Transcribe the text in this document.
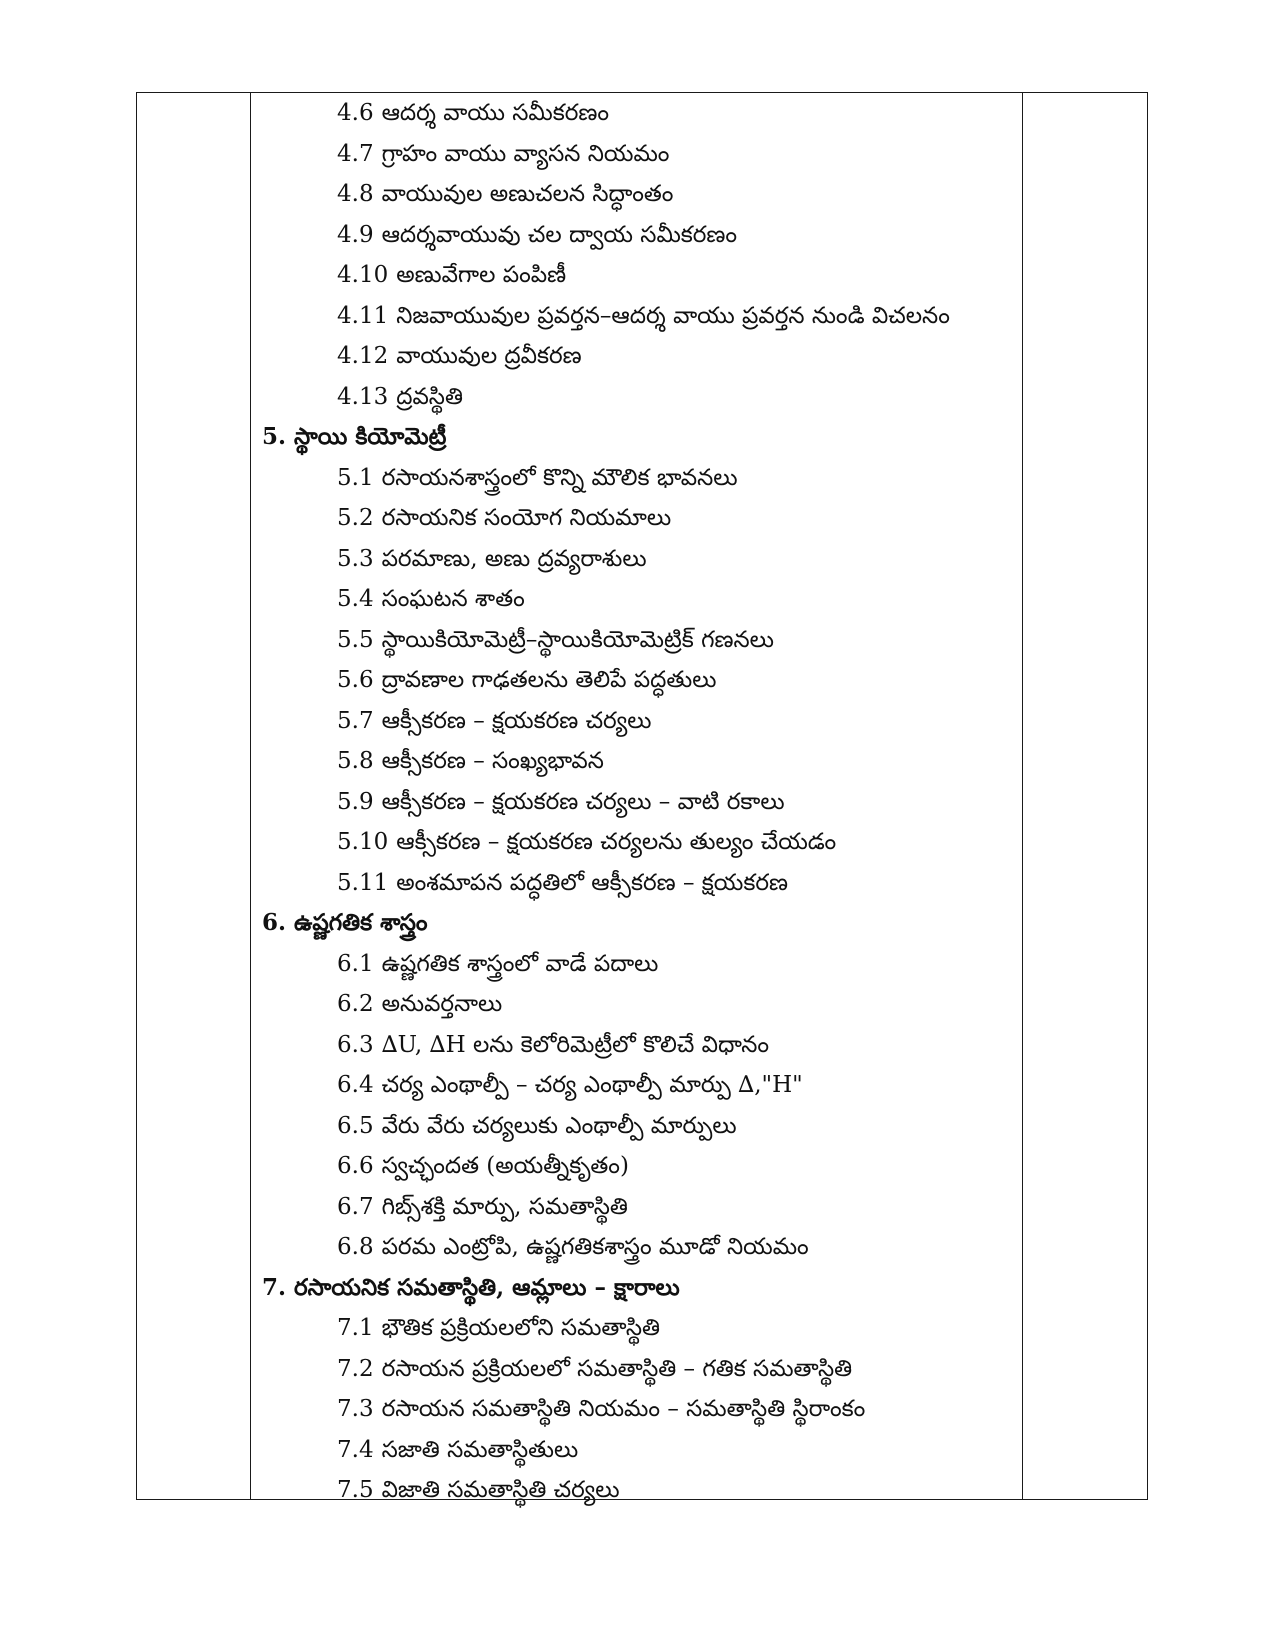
4.6 ఆదర్శ వాయు సమీకరణం
4.7 గ్రాహం వాయు వ్యాసన నియమం
4.8 వాయువుల అణుచలన సిద్ధాంతం
4.9 ఆదర్శవాయువు చల ద్వాయ సమీకరణం
4.10 అణువేగాల పంపిణీ
4.11 నిజవాయువుల ప్రవర్తన–ఆదర్శ వాయు ప్రవర్తన నుండి విచలనం
4.12 వాయువుల ద్రవీకరణ
4.13 ద్రవస్థితి
5. స్థాయి కియోమెట్రీ
5.1 రసాయనశాస్త్రంలో కొన్ని మౌలిక భావనలు
5.2 రసాయనిక సంయోగ నియమాలు
5.3 పరమాణు, అణు ద్రవ్యరాశులు
5.4 సంఘటన శాతం
5.5 స్థాయికియోమెట్రీ–స్థాయికియోమెట్రిక్ గణనలు
5.6 ద్రావణాల గాఢతలను తెలిపే పద్ధతులు
5.7 ఆక్సీకరణ – క్షయకరణ చర్యలు
5.8 ఆక్సీకరణ – సంఖ్యభావన
5.9 ఆక్సీకరణ – క్షయకరణ చర్యలు – వాటి రకాలు
5.10 ఆక్సీకరణ – క్షయకరణ చర్యలను తుల్యం చేయడం
5.11 అంశమాపన పద్ధతిలో ఆక్సీకరణ – క్షయకరణ
6. ఉష్ణగతిక శాస్త్రం
6.1 ఉష్ణగతిక శాస్త్రంలో వాడే పదాలు
6.2 అనువర్తనాలు
6.3 ∆U, ∆H లను కెలోరిమెట్రీలో కొలిచే విధానం
6.4 చర్య ఎంథాల్పీ – చర్య ఎంథాల్పీ మార్పు ∆,"H"
6.5 వేరు వేరు చర్యలుకు ఎంథాల్పీ మార్పులు
6.6 స్వచ్ఛందత (అయత్నీకృతం)
6.7 గిబ్స్‌శక్తి మార్పు, సమతాస్థితి
6.8 పరమ ఎంట్రోపి, ఉష్ణగతికశాస్త్రం మూడో నియమం
7. రసాయనిక సమతాస్థితి, ఆమ్లాలు – క్షారాలు
7.1 భౌతిక ప్రక్రియలలోని సమతాస్థితి
7.2 రసాయన ప్రక్రియలలో సమతాస్థితి – గతిక సమతాస్థితి
7.3 రసాయన సమతాస్థితి నియమం – సమతాస్థితి స్థిరాంకం
7.4 సజాతి సమతాస్థితులు
7.5 విజాతి సమతాస్థితి చర్యలు
